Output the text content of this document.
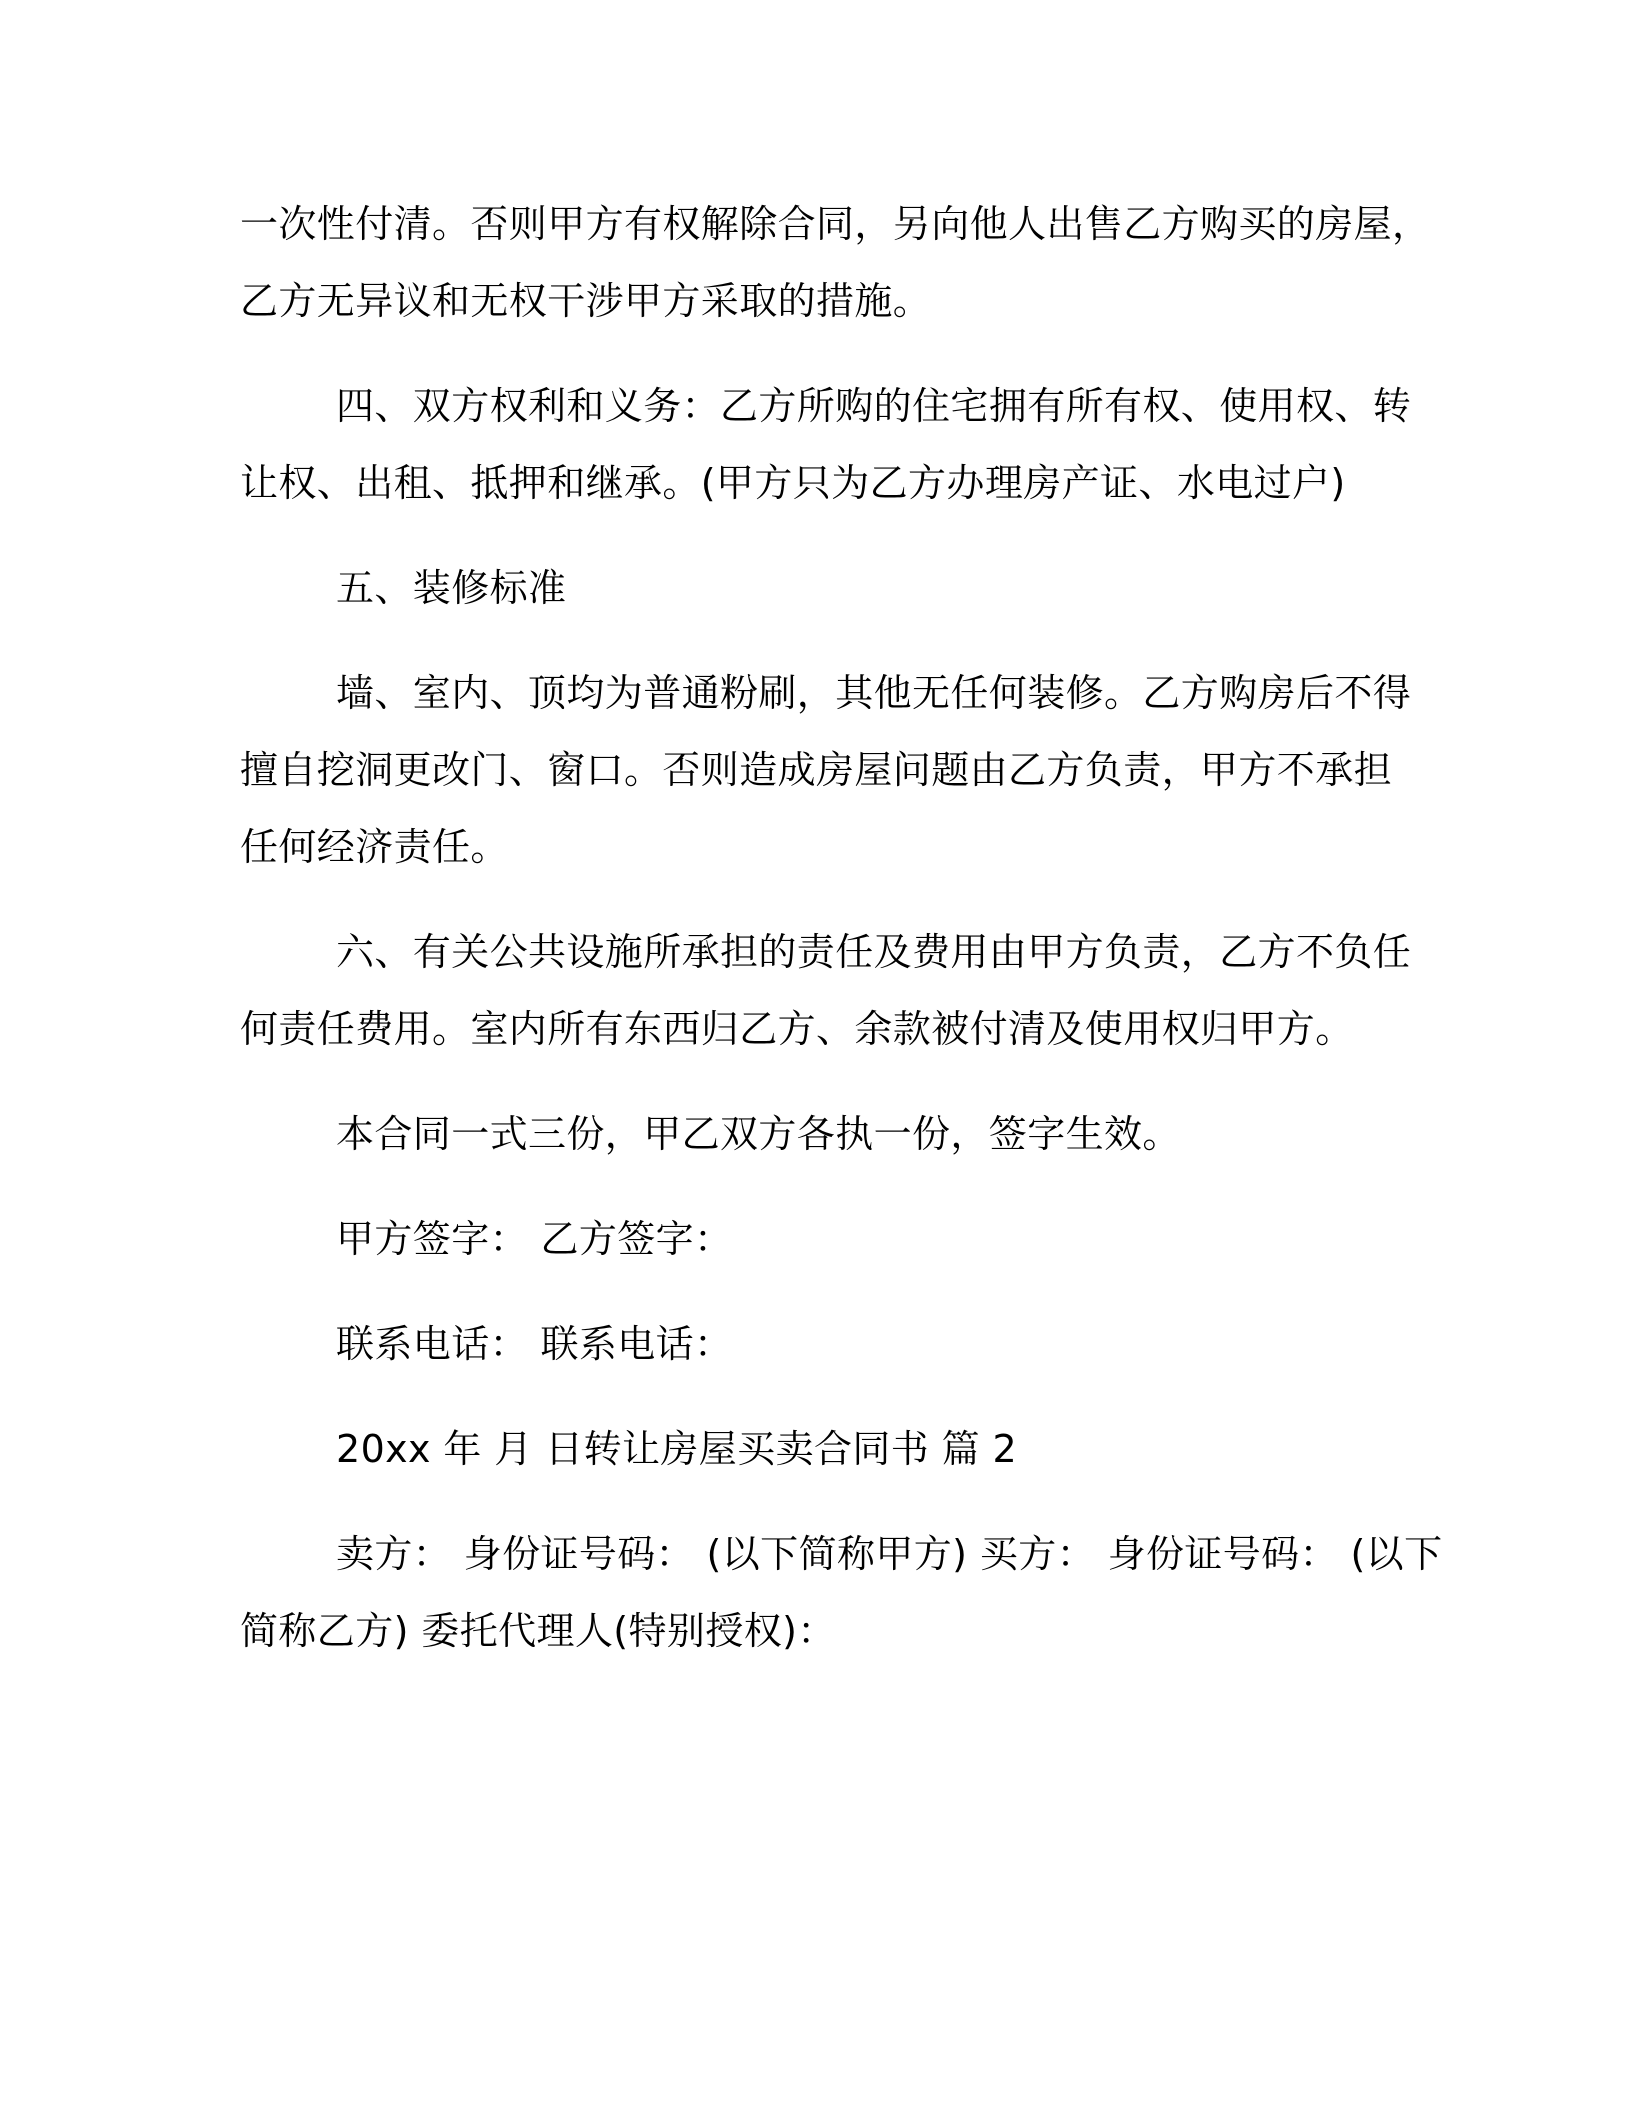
一次性付清。否则甲方有权解除合同，另向他人出售乙方购买的房屋，
乙方无异议和无权干涉甲方采取的措施。

四、双方权利和义务：乙方所购的住宅拥有所有权、使用权、转
让权、出租、抵押和继承。(甲方只为乙方办理房产证、水电过户)

五、装修标准

墙、室内、顶均为普通粉刷，其他无任何装修。乙方购房后不得
擅自挖洞更改门、窗口。否则造成房屋问题由乙方负责，甲方不承担
任何经济责任。

六、有关公共设施所承担的责任及费用由甲方负责，乙方不负任
何责任费用。室内所有东西归乙方、余款被付清及使用权归甲方。

本合同一式三份，甲乙双方各执一份，签字生效。

甲方签字： 乙方签字：

联系电话： 联系电话：

20xx 年 月 日转让房屋买卖合同书 篇 2

卖方： 身份证号码： (以下简称甲方) 买方： 身份证号码： (以下
简称乙方) 委托代理人(特别授权)：
